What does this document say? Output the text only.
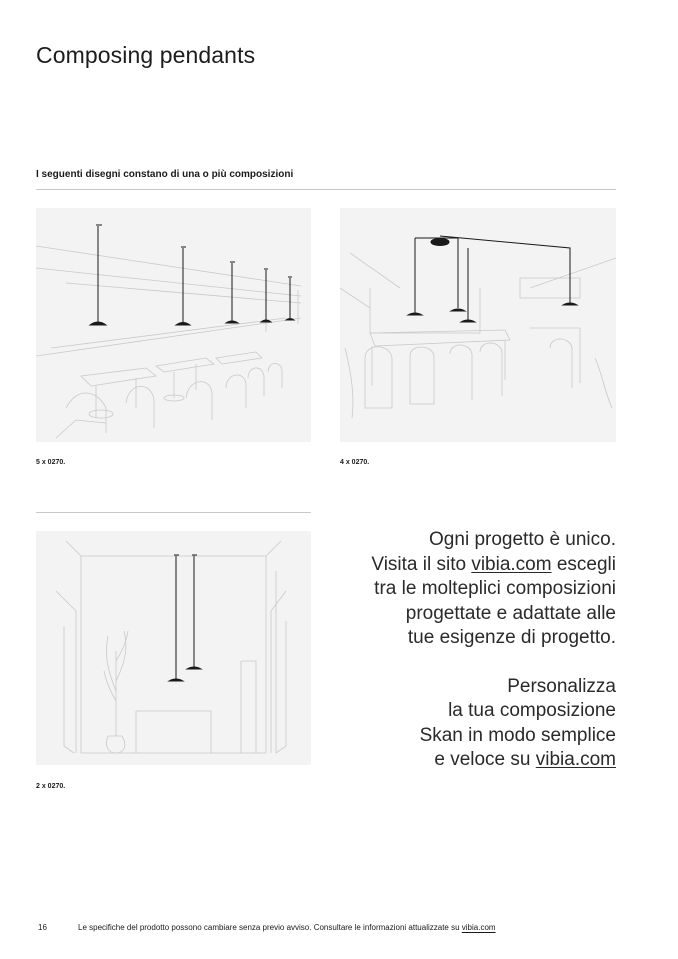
Composing pendants
I seguenti disegni constano di una o più composizioni
5 x 0270.	4 x 0270.
2 x 0270.
Ogni progetto è unico.
Visita il sito vibia.com escegli
tra le molteplici composizioni
progettate e adattate alle
tue esigenze di progetto.
Personalizza
la tua composizione
Skan in modo semplice
e veloce su vibia.com
16	Le specifiche del prodotto possono cambiare senza previo avviso. Consultare le informazioni attualizzate su vibia.com
